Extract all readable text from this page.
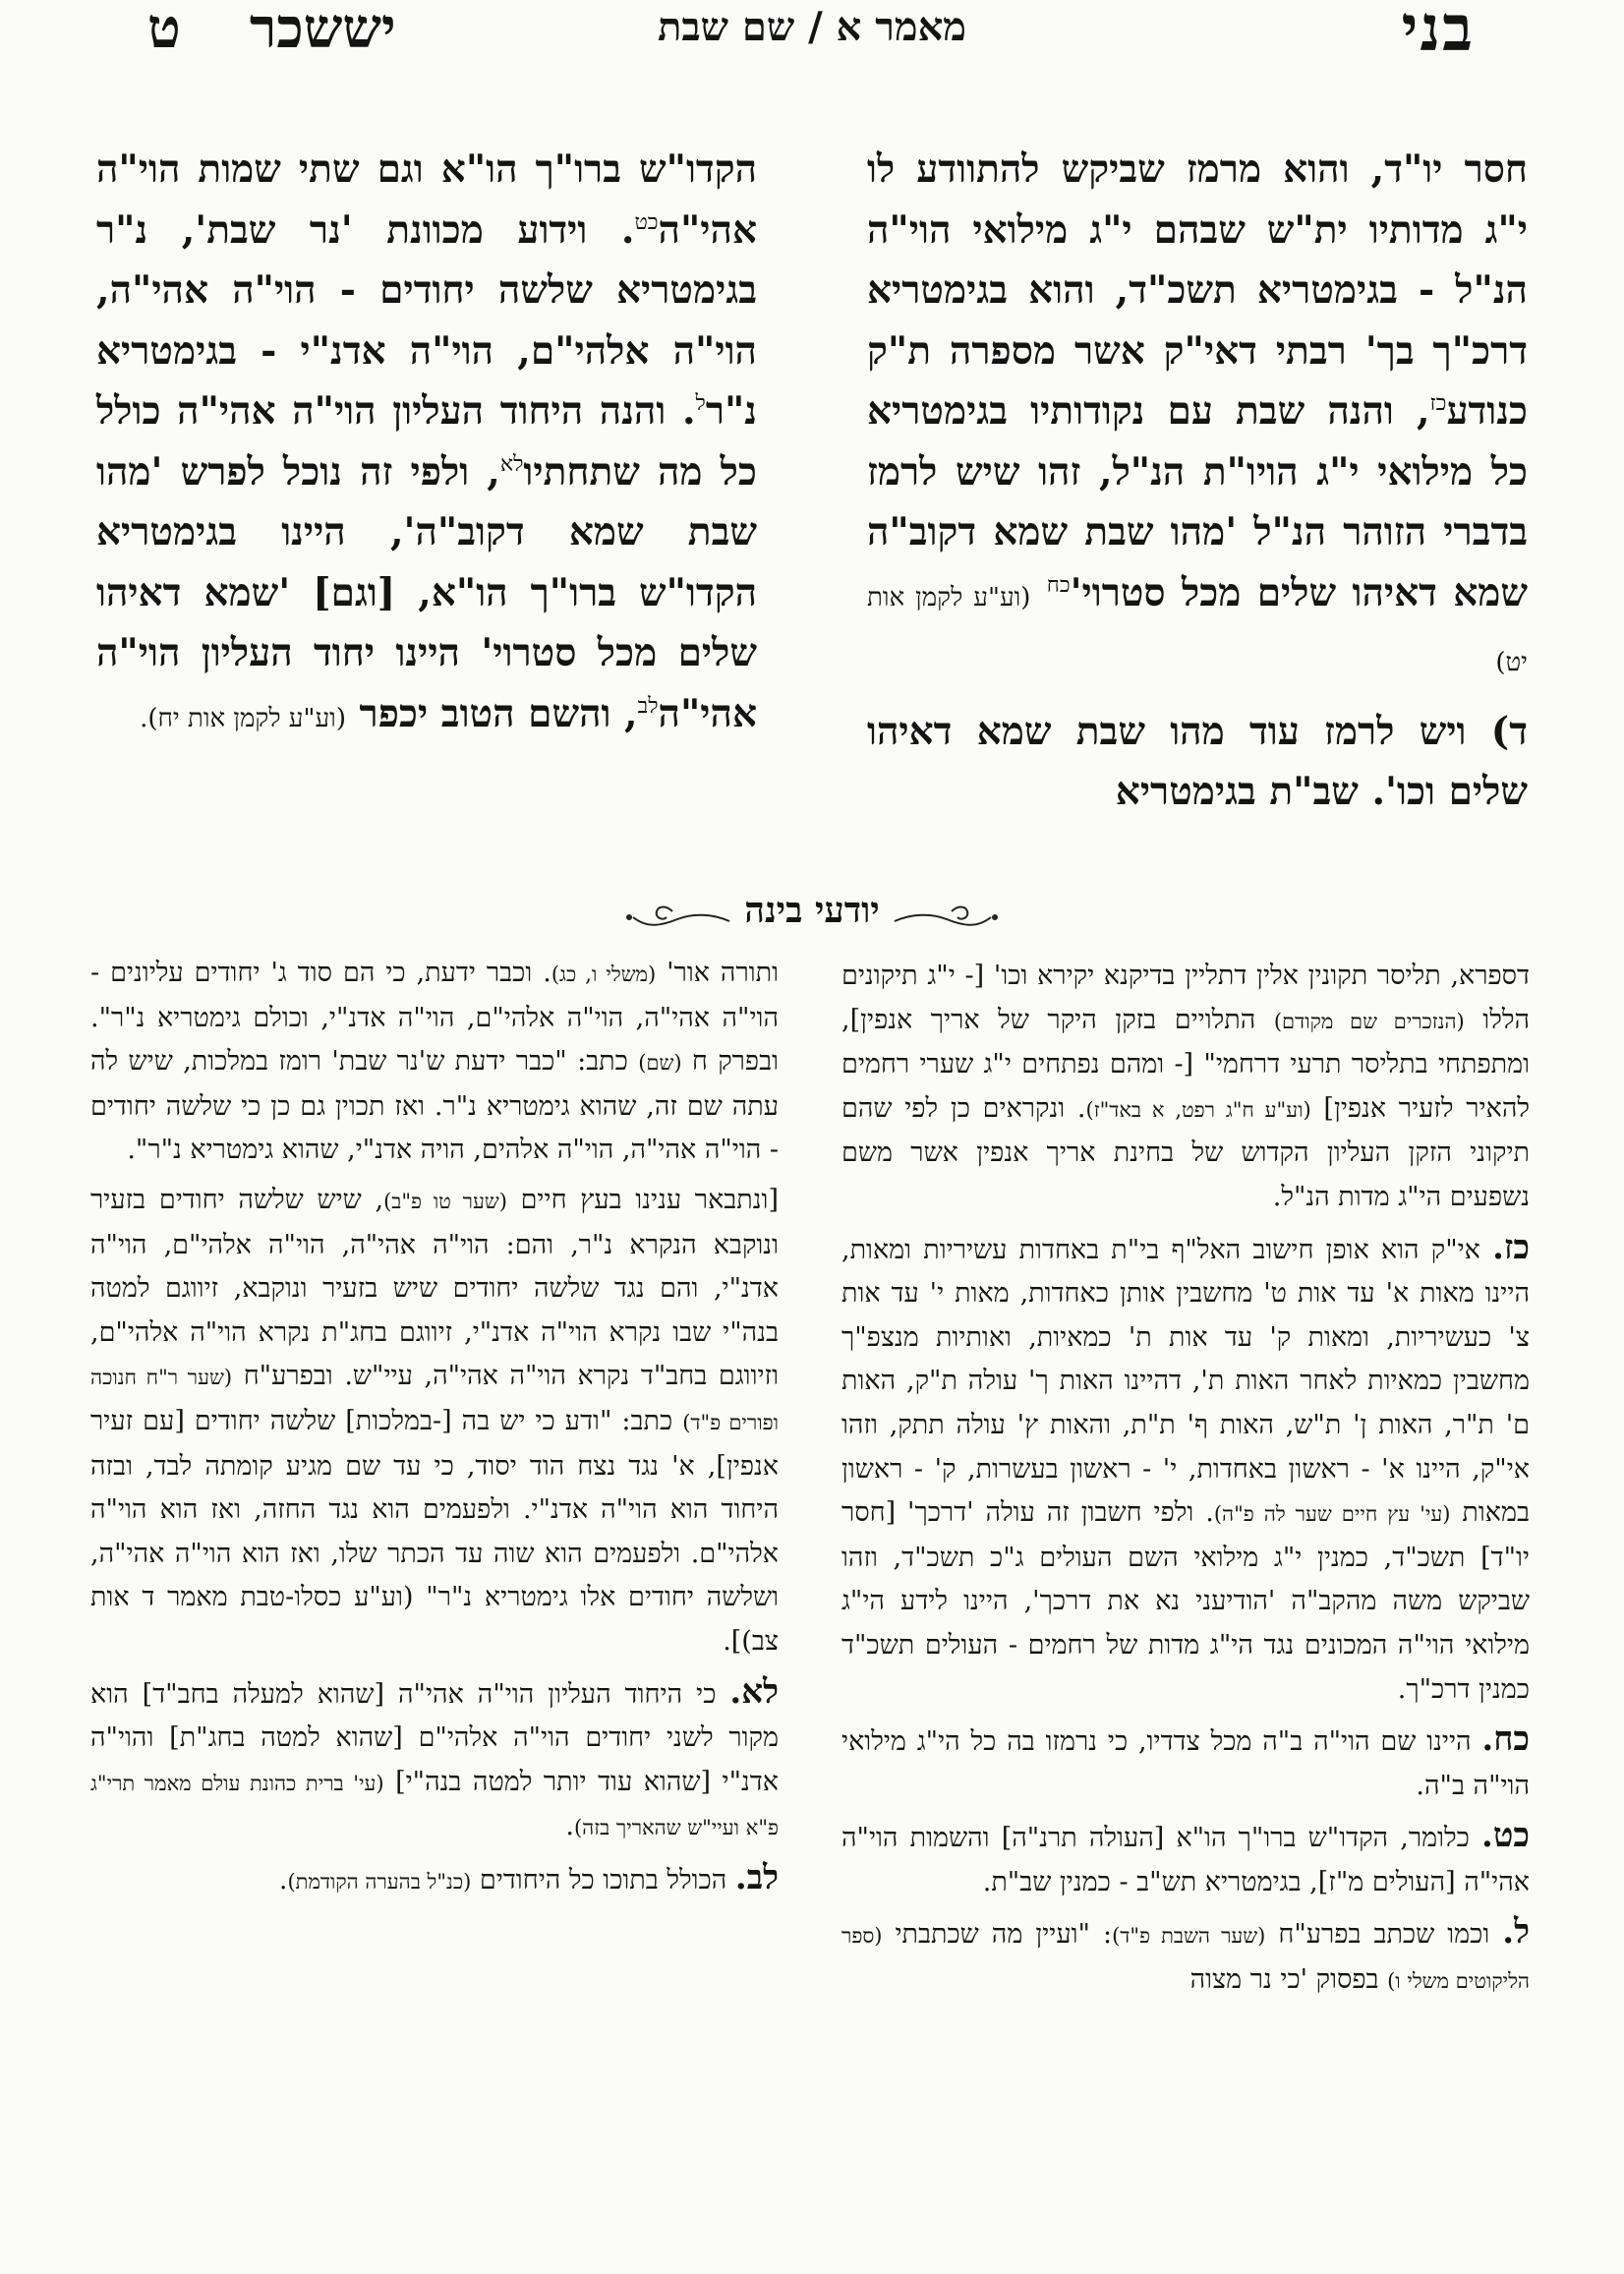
בני
מאמר א / שם שבת
יששכרט

חסר יו"ד, והוא מרמז שביקש להתוודע לו י"ג מדותיו ית"ש שבהם י"ג מילואי הוי"ה הנ"ל - בגימטריא תשכ"ד, והוא בגימטריא דרכ"ך בך' רבתי דאי"ק אשר מספרה ת"ק כנודע$^{כז}$, והנה שבת עם נקודותיו בגימטריא כל מילואי י"ג הויו"ת הנ"ל, זהו שיש לרמז בדברי הזוהר הנ"ל 'מהו שבת שמא דקוב"ה שמא דאיהו שלים מכל $סטרוי'^{כח}$ (וע"ע לקמן אות יט)

ד) ויש לרמז עוד מהו שבת שמא דאיהו שלים וכו'. שב"ת בגימטריא

הקדו"ש ברו"ך הו"א וגם שתי שמות הוי"ה אהי"ה$^{כט}$. וידוע מכוונת 'נר שבת', נ"ר בגימטריא שלשה יחודים - הוי"ה אהי"ה, הוי"ה אלהי"ם, הוי"ה אדנ"י - בגימטריא נ"ר$^ל$. והנה היחוד העליון הוי"ה אהי"ה כולל כל מה שתחתיו$^{לא}$, ולפי זה נוכל לפרש 'מהו שבת שמא דקוב"ה', היינו בגימטריא הקדו"ש ברו"ך הו"א, [וגם] 'שמא דאיהו שלים מכל סטרוי' היינו יחוד העליון הוי"ה אהי"ה$^{לב}$, והשם הטוב יכפר (וע"ע לקמן אות יח).

יודעי בינה

דספרא, תליסר תקונין אלין דתליין בדיקנא יקירא וכו' [- י"ג תיקונים הללו (הנזכרים שם מקודם) התלויים בזקן היקר של אריך אנפין], ומתפתחי בתליסר תרעי דרחמי" [- ומהם נפתחים י"ג שערי רחמים להאיר לזעיר אנפין] (וע"ע ח"ג רפט, א באד"ז). ונקראים כן לפי שהם תיקוני הזקן העליון הקדוש של בחינת אריך אנפין אשר משם נשפעים הי"ג מדות הנ"ל.

כז. אי"ק הוא אופן חישוב האל"ף בי"ת באחדות עשיריות ומאות, היינו מאות א' עד אות ט' מחשבין אותן כאחדות, מאות י' עד אות צ' כעשיריות, ומאות ק' עד אות ת' כמאיות, ואותיות מנצפ"ך מחשבין כמאיות לאחר האות ת', דהיינו האות ך' עולה ת"ק, האות ם' ת"ר, האות ן' ת"ש, האות ף' ת"ת, והאות ץ' עולה תתק, וזהו אי"ק, היינו א' - ראשון באחדות, י' - ראשון בעשרות, ק' - ראשון במאות (עי' עץ חיים שער לה פ"ה). ולפי חשבון זה עולה 'דרכך' [חסר יו"ד] תשכ"ד, כמנין י"ג מילואי השם העולים ג"כ תשכ"ד, וזהו שביקש משה מהקב"ה 'הודיעני נא את דרכך', היינו לידע הי"ג מילואי הוי"ה המכונים נגד הי"ג מדות של רחמים - העולים תשכ"ד כמנין דרכ"ך.

כח. היינו שם הוי"ה ב"ה מכל צדדיו, כי נרמזו בה כל הי"ג מילואי הוי"ה ב"ה.

כט. כלומר, הקדו"ש ברו"ך הו"א [העולה תרנ"ה] והשמות הוי"ה אהי"ה [העולים מ"ז], בגימטריא תש"ב - כמנין שב"ת.

ל. וכמו שכתב בפרע"ח (שער השבת פ"ד): "ועיין מה שכתבתי (ספר הליקוטים משלי ו) בפסוק 'כי נר מצוה

ותורה אור' (משלי ו, כג). וכבר ידעת, כי הם סוד ג' יחודים עליונים - הוי"ה אהי"ה, הוי"ה אלהי"ם, הוי"ה אדנ"י, וכולם גימטריא נ"ר". ובפרק ח (שם) כתב: "כבר ידעת ש'נר שבת' רומז במלכות, שיש לה עתה שם זה, שהוא גימטריא נ"ר. ואז תכוין גם כן כי שלשה יחודים - הוי"ה אהי"ה, הוי"ה אלהים, הויה אדנ"י, שהוא גימטריא נ"ר".

[ונתבאר ענינו בעץ חיים (שער טו פ"ב), שיש שלשה יחודים בזעיר ונוקבא הנקרא נ"ר, והם: הוי"ה אהי"ה, הוי"ה אלהי"ם, הוי"ה אדנ"י, והם נגד שלשה יחודים שיש בזעיר ונוקבא, זיווגם למטה בנה"י שבו נקרא הוי"ה אדנ"י, זיווגם בחג"ת נקרא הוי"ה אלהי"ם, וזיווגם בחב"ד נקרא הוי"ה אהי"ה, עיי"ש. ובפרע"ח (שער ר"ח חנוכה ופורים פ"ד) כתב: "ודע כי יש בה [-במלכות] שלשה יחודים [עם זעיר אנפין], א' נגד נצח הוד יסוד, כי עד שם מגיע קומתה לבד, ובזה היחוד הוא הוי"ה אדנ"י. ולפעמים הוא נגד החזה, ואז הוא הוי"ה אלהי"ם. ולפעמים הוא שוה עד הכתר שלו, ואז הוא הוי"ה אהי"ה, ושלשה יחודים אלו גימטריא נ"ר" (וע"ע כסלו-טבת מאמר ד אות צב)].

לא. כי היחוד העליון הוי"ה אהי"ה [שהוא למעלה בחב"ד] הוא מקור לשני יחודים הוי"ה אלהי"ם [שהוא למטה בחג"ת] והוי"ה אדנ"י [שהוא עוד יותר למטה בנה"י] (עי' ברית כהונת עולם מאמר תרי"ג פ"א ועיי"ש שהאריך בזה).

לב. הכולל בתוכו כל היחודים (כנ"ל בהערה הקודמת).
